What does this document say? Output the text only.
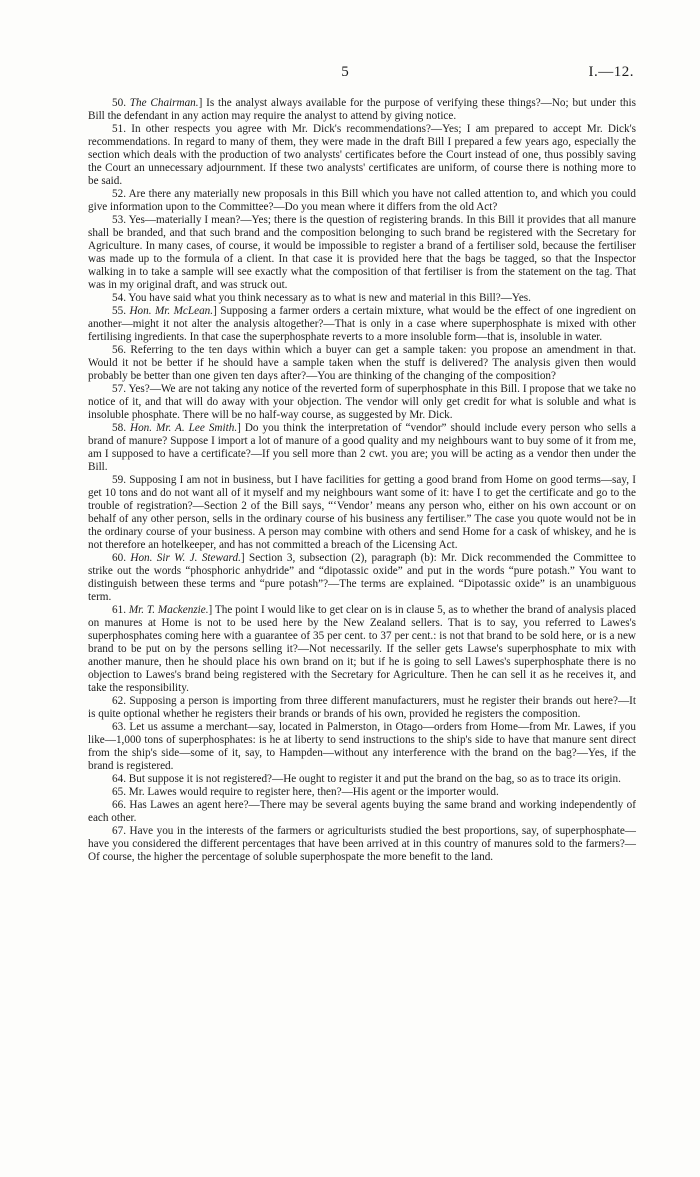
5	I.—12.

50. The Chairman.] Is the analyst always available for the purpose of verifying these things?—No; but under this Bill the defendant in any action may require the analyst to attend by giving notice.

51. In other respects you agree with Mr. Dick's recommendations?—Yes; I am prepared to accept Mr. Dick's recommendations. In regard to many of them, they were made in the draft Bill I prepared a few years ago, especially the section which deals with the production of two analysts' certificates before the Court instead of one, thus possibly saving the Court an unnecessary adjournment. If these two analysts' certificates are uniform, of course there is nothing more to be said.

52. Are there any materially new proposals in this Bill which you have not called attention to, and which you could give information upon to the Committee?—Do you mean where it differs from the old Act?

53. Yes—materially I mean?—Yes; there is the question of registering brands. In this Bill it provides that all manure shall be branded, and that such brand and the composition belonging to such brand be registered with the Secretary for Agriculture. In many cases, of course, it would be impossible to register a brand of a fertiliser sold, because the fertiliser was made up to the formula of a client. In that case it is provided here that the bags be tagged, so that the Inspector walking in to take a sample will see exactly what the composition of that fertiliser is from the statement on the tag. That was in my original draft, and was struck out.

54. You have said what you think necessary as to what is new and material in this Bill?—Yes.

55. Hon. Mr. McLean.] Supposing a farmer orders a certain mixture, what would be the effect of one ingredient on another—might it not alter the analysis altogether?—That is only in a case where superphosphate is mixed with other fertilising ingredients. In that case the superphosphate reverts to a more insoluble form—that is, insoluble in water.

56. Referring to the ten days within which a buyer can get a sample taken: you propose an amendment in that. Would it not be better if he should have a sample taken when the stuff is delivered? The analysis given then would probably be better than one given ten days after?—You are thinking of the changing of the composition?

57. Yes?—We are not taking any notice of the reverted form of superphosphate in this Bill. I propose that we take no notice of it, and that will do away with your objection. The vendor will only get credit for what is soluble and what is insoluble phosphate. There will be no half-way course, as suggested by Mr. Dick.

58. Hon. Mr. A. Lee Smith.] Do you think the interpretation of “vendor” should include every person who sells a brand of manure? Suppose I import a lot of manure of a good quality and my neighbours want to buy some of it from me, am I supposed to have a certificate?—If you sell more than 2 cwt. you are; you will be acting as a vendor then under the Bill.

59. Supposing I am not in business, but I have facilities for getting a good brand from Home on good terms—say, I get 10 tons and do not want all of it myself and my neighbours want some of it: have I to get the certificate and go to the trouble of registration?—Section 2 of the Bill says, “‘Vendor’ means any person who, either on his own account or on behalf of any other person, sells in the ordinary course of his business any fertiliser.” The case you quote would not be in the ordinary course of your business. A person may combine with others and send Home for a cask of whiskey, and he is not therefore an hotelkeeper, and has not committed a breach of the Licensing Act.

60. Hon. Sir W. J. Steward.] Section 3, subsection (2), paragraph (b): Mr. Dick recommended the Committee to strike out the words “phosphoric anhydride” and “dipotassic oxide” and put in the words “pure potash.” You want to distinguish between these terms and “pure potash”?—The terms are explained. “Dipotassic oxide” is an unambiguous term.

61. Mr. T. Mackenzie.] The point I would like to get clear on is in clause 5, as to whether the brand of analysis placed on manures at Home is not to be used here by the New Zealand sellers. That is to say, you referred to Lawes's superphosphates coming here with a guarantee of 35 per cent. to 37 per cent.: is not that brand to be sold here, or is a new brand to be put on by the persons selling it?—Not necessarily. If the seller gets Lawse's superphosphate to mix with another manure, then he should place his own brand on it; but if he is going to sell Lawes's superphosphate there is no objection to Lawes's brand being registered with the Secretary for Agriculture. Then he can sell it as he receives it, and take the responsibility.

62. Supposing a person is importing from three different manufacturers, must he register their brands out here?—It is quite optional whether he registers their brands or brands of his own, provided he registers the composition.

63. Let us assume a merchant—say, located in Palmerston, in Otago—orders from Home—from Mr. Lawes, if you like—1,000 tons of superphosphates: is he at liberty to send instructions to the ship's side to have that manure sent direct from the ship's side—some of it, say, to Hampden—without any interference with the brand on the bag?—Yes, if the brand is registered.

64. But suppose it is not registered?—He ought to register it and put the brand on the bag, so as to trace its origin.

65. Mr. Lawes would require to register here, then?—His agent or the importer would.

66. Has Lawes an agent here?—There may be several agents buying the same brand and working independently of each other.

67. Have you in the interests of the farmers or agriculturists studied the best proportions, say, of superphosphate—have you considered the different percentages that have been arrived at in this country of manures sold to the farmers?—Of course, the higher the percentage of soluble superphospate the more benefit to the land.
